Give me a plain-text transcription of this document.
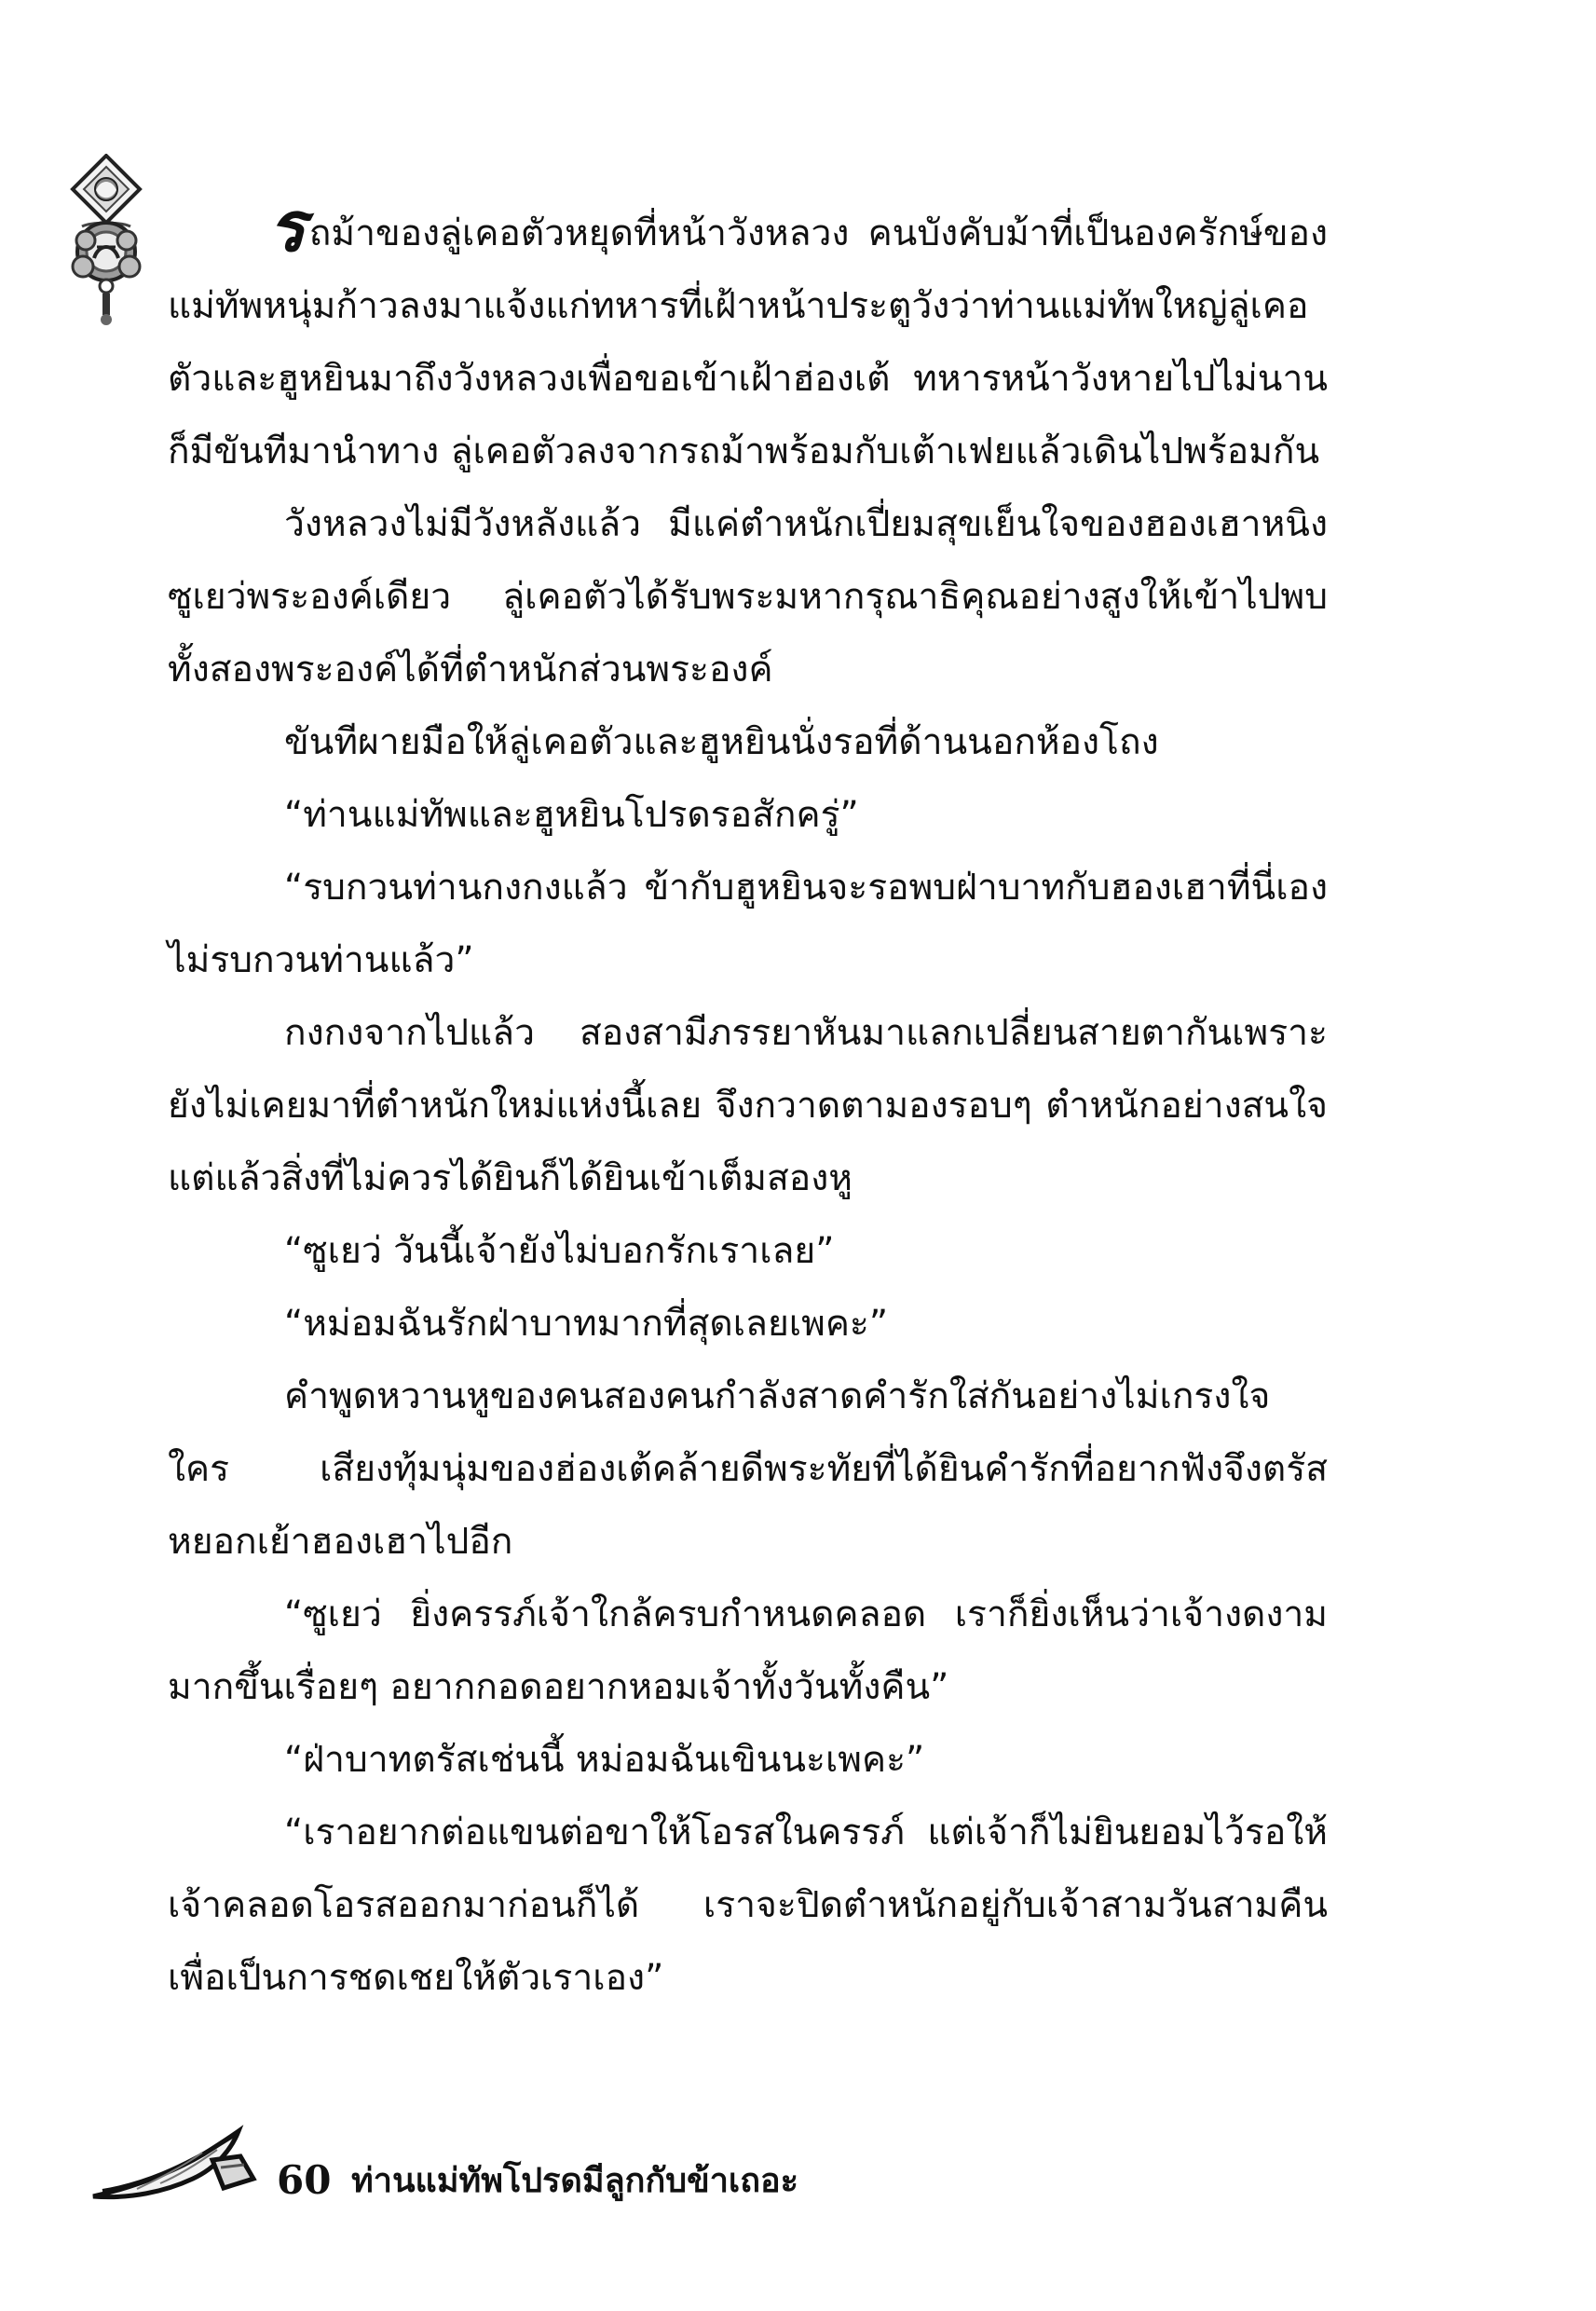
รถม้าของลู่เคอตัวหยุดที่หน้าวังหลวง คนบังคับม้าที่เป็นองครักษ์ของแม่ทัพหนุ่มก้าวลงมาแจ้งแก่ทหารที่เฝ้าหน้าประตูวังว่าท่านแม่ทัพใหญ่ลู่เคอตัวและฮูหยินมาถึงวังหลวงเพื่อขอเข้าเฝ้าฮ่องเต้ ทหารหน้าวังหายไปไม่นานก็มีขันทีมานำทาง ลู่เคอตัวลงจากรถม้าพร้อมกับเต้าเฟยแล้วเดินไปพร้อมกัน

วังหลวงไม่มีวังหลังแล้ว มีแค่ตำหนักเปี่ยมสุขเย็นใจของฮองเฮาหนิงซูเยว่พระองค์เดียว ลู่เคอตัวได้รับพระมหากรุณาธิคุณอย่างสูงให้เข้าไปพบทั้งสองพระองค์ได้ที่ตำหนักส่วนพระองค์

ขันทีผายมือให้ลู่เคอตัวและฮูหยินนั่งรอที่ด้านนอกห้องโถง

“ท่านแม่ทัพและฮูหยินโปรดรอสักครู่”

“รบกวนท่านกงกงแล้ว ข้ากับฮูหยินจะรอพบฝ่าบาทกับฮองเฮาที่นี่เอง ไม่รบกวนท่านแล้ว”

กงกงจากไปแล้ว สองสามีภรรยาหันมาแลกเปลี่ยนสายตากันเพราะยังไม่เคยมาที่ตำหนักใหม่แห่งนี้เลย จึงกวาดตามองรอบๆ ตำหนักอย่างสนใจ แต่แล้วสิ่งที่ไม่ควรได้ยินก็ได้ยินเข้าเต็มสองหู

“ซูเยว่ วันนี้เจ้ายังไม่บอกรักเราเลย”

“หม่อมฉันรักฝ่าบาทมากที่สุดเลยเพคะ”

คำพูดหวานหูของคนสองคนกำลังสาดคำรักใส่กันอย่างไม่เกรงใจใคร เสียงทุ้มนุ่มของฮ่องเต้คล้ายดีพระทัยที่ได้ยินคำรักที่อยากฟังจึงตรัสหยอกเย้าฮองเฮาไปอีก

“ซูเยว่ ยิ่งครรภ์เจ้าใกล้ครบกำหนดคลอด เราก็ยิ่งเห็นว่าเจ้างดงามมากขึ้นเรื่อยๆ อยากกอดอยากหอมเจ้าทั้งวันทั้งคืน”

“ฝ่าบาทตรัสเช่นนี้ หม่อมฉันเขินนะเพคะ”

“เราอยากต่อแขนต่อขาให้โอรสในครรภ์ แต่เจ้าก็ไม่ยินยอมไว้รอให้เจ้าคลอดโอรสออกมาก่อนก็ได้ เราจะปิดตำหนักอยู่กับเจ้าสามวันสามคืนเพื่อเป็นการชดเชยให้ตัวเราเอง”

60 ท่านแม่ทัพโปรดมีลูกกับข้าเถอะ
